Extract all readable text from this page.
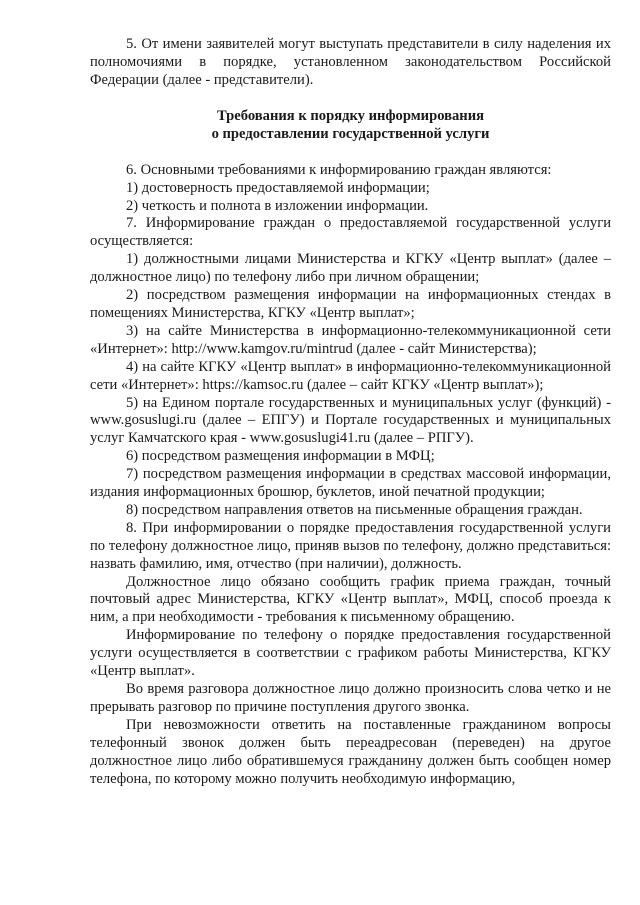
5. От имени заявителей могут выступать представители в силу наделения их полномочиями в порядке, установленном законодательством Российской Федерации (далее - представители).

Требования к порядку информирования
о предоставлении государственной услуги

6. Основными требованиями к информированию граждан являются:

1) достоверность предоставляемой информации;

2) четкость и полнота в изложении информации.

7. Информирование граждан о предоставляемой государственной услуги осуществляется:

1) должностными лицами Министерства и КГКУ «Центр выплат» (далее – должностное лицо) по телефону либо при личном обращении;

2) посредством размещения информации на информационных стендах в помещениях Министерства, КГКУ «Центр выплат»;

3) на сайте Министерства в информационно-телекоммуникационной сети «Интернет»: http://www.kamgov.ru/mintrud (далее - сайт Министерства);

4) на сайте КГКУ «Центр выплат» в информационно-телекоммуникационной сети «Интернет»: https://kamsoc.ru (далее – сайт КГКУ «Центр выплат»);

5) на Едином портале государственных и муниципальных услуг (функций) - www.gosuslugi.ru (далее – ЕПГУ) и Портале государственных и муниципальных услуг Камчатского края - www.gosuslugi41.ru (далее – РПГУ).

6) посредством размещения информации в МФЦ;

7) посредством размещения информации в средствах массовой информации, издания информационных брошюр, буклетов, иной печатной продукции;

8) посредством направления ответов на письменные обращения граждан.

8. При информировании о порядке предоставления государственной услуги по телефону должностное лицо, приняв вызов по телефону, должно представиться: назвать фамилию, имя, отчество (при наличии), должность.

Должностное лицо обязано сообщить график приема граждан, точный почтовый адрес Министерства, КГКУ «Центр выплат», МФЦ, способ проезда к ним, а при необходимости - требования к письменному обращению.

Информирование по телефону о порядке предоставления государственной услуги осуществляется в соответствии с графиком работы Министерства, КГКУ «Центр выплат».

Во время разговора должностное лицо должно произносить слова четко и не прерывать разговор по причине поступления другого звонка.

При невозможности ответить на поставленные гражданином вопросы телефонный звонок должен быть переадресован (переведен) на другое должностное лицо либо обратившемуся гражданину должен быть сообщен номер телефона, по которому можно получить необходимую информацию,
